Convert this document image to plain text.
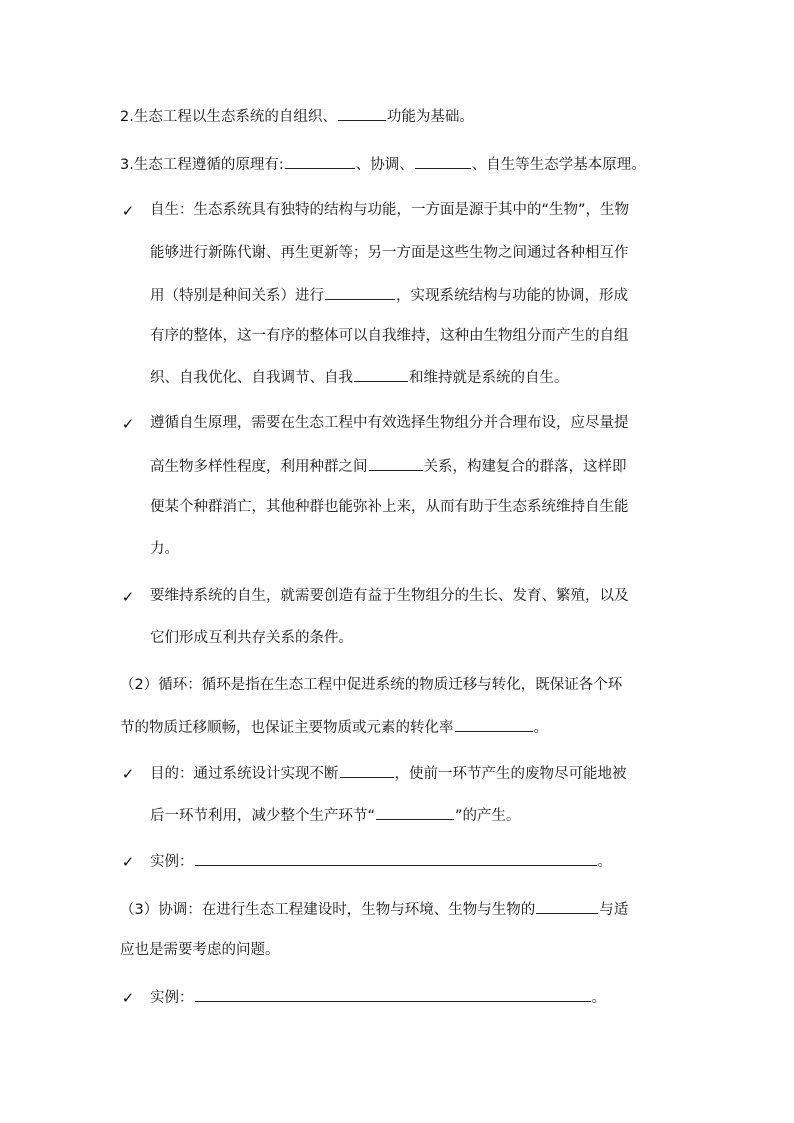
2.生态工程以生态系统的自组织、	功能为基础。
3.生态工程遵循的原理有:	、协调、	、自生等生态学基本原理。
✓ 自生：生态系统具有独特的结构与功能，一方面是源于其中的“生物”，生物
能够进行新陈代谢、再生更新等；另一方面是这些生物之间通过各种相互作
用（特别是种间关系）进行	，实现系统结构与功能的协调，形成
有序的整体，这一有序的整体可以自我维持，这种由生物组分而产生的自组
织、自我优化、自我调节、自我	和维持就是系统的自生。
✓ 遵循自生原理，需要在生态工程中有效选择生物组分并合理布设，应尽量提
高生物多样性程度，利用种群之间	关系，构建复合的群落，这样即
便某个种群消亡，其他种群也能弥补上来，从而有助于生态系统维持自生能
力。
✓ 要维持系统的自生，就需要创造有益于生物组分的生长、发育、繁殖，以及
它们形成互利共存关系的条件。
（2）循环：循环是指在生态工程中促进系统的物质迁移与转化，既保证各个环
节的物质迁移顺畅，也保证主要物质或元素的转化率	。
✓ 目的：通过系统设计实现不断	，使前一环节产生的废物尽可能地被
后一环节利用，减少整个生产环节“	”的产生。
✓ 实例：	。
（3）协调：在进行生态工程建设时，生物与环境、生物与生物的	与适
应也是需要考虑的问题。
✓ 实例：	。
